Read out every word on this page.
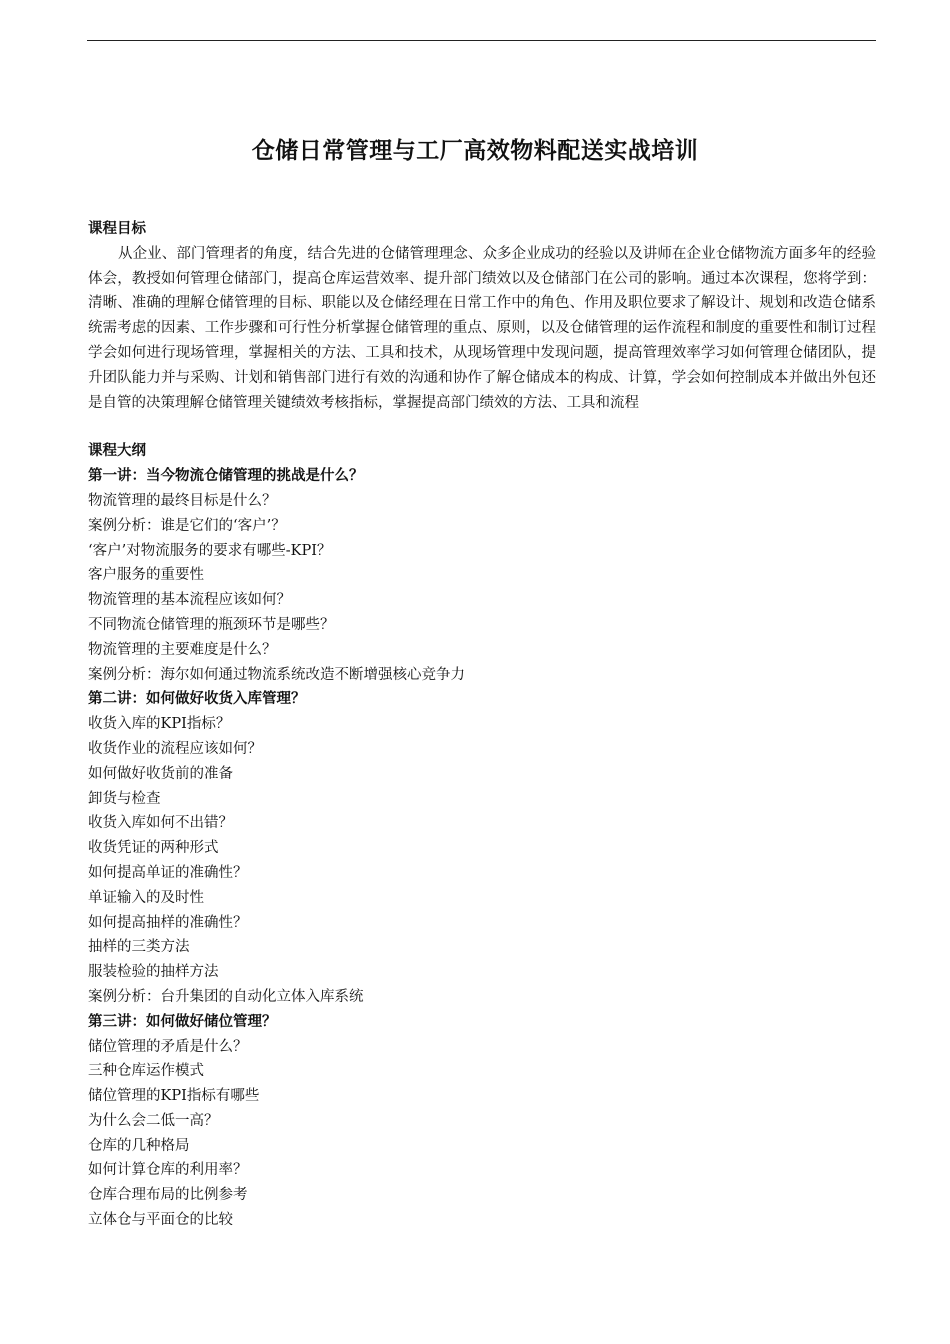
仓储日常管理与工厂高效物料配送实战培训
课程目标

从企业、部门管理者的角度，结合先进的仓储管理理念、众多企业成功的经验以及讲师在企业仓储物流方面多年的经验体会，教授如何管理仓储部门，提高仓库运营效率、提升部门绩效以及仓储部门在公司的影响。通过本次课程，您将学到：清晰、准确的理解仓储管理的目标、职能以及仓储经理在日常工作中的角色、作用及职位要求了解设计、规划和改造仓储系统需考虑的因素、工作步骤和可行性分析掌握仓储管理的重点、原则，以及仓储管理的运作流程和制度的重要性和制订过程学会如何进行现场管理，掌握相关的方法、工具和技术，从现场管理中发现问题，提高管理效率学习如何管理仓储团队，提升团队能力并与采购、计划和销售部门进行有效的沟通和协作了解仓储成本的构成、计算，学会如何控制成本并做出外包还是自管的决策理解仓储管理关键绩效考核指标，掌握提高部门绩效的方法、工具和流程

课程大纲
第一讲：当今物流仓储管理的挑战是什么？
物流管理的最终目标是什么？
案例分析：谁是它们的‘客户’？
‘客户’对物流服务的要求有哪些-KPI？
客户服务的重要性
物流管理的基本流程应该如何？
不同物流仓储管理的瓶颈环节是哪些？
物流管理的主要难度是什么？
案例分析：海尔如何通过物流系统改造不断增强核心竞争力
第二讲：如何做好收货入库管理？
收货入库的KPI指标？
收货作业的流程应该如何？
如何做好收货前的准备
卸货与检查
收货入库如何不出错？
收货凭证的两种形式
如何提高单证的准确性？
单证输入的及时性
如何提高抽样的准确性？
抽样的三类方法
服装检验的抽样方法
案例分析：台升集团的自动化立体入库系统
第三讲：如何做好储位管理？
储位管理的矛盾是什么？
三种仓库运作模式
储位管理的KPI指标有哪些
为什么会二低一高？
仓库的几种格局
如何计算仓库的利用率？
仓库合理布局的比例参考
立体仓与平面仓的比较
